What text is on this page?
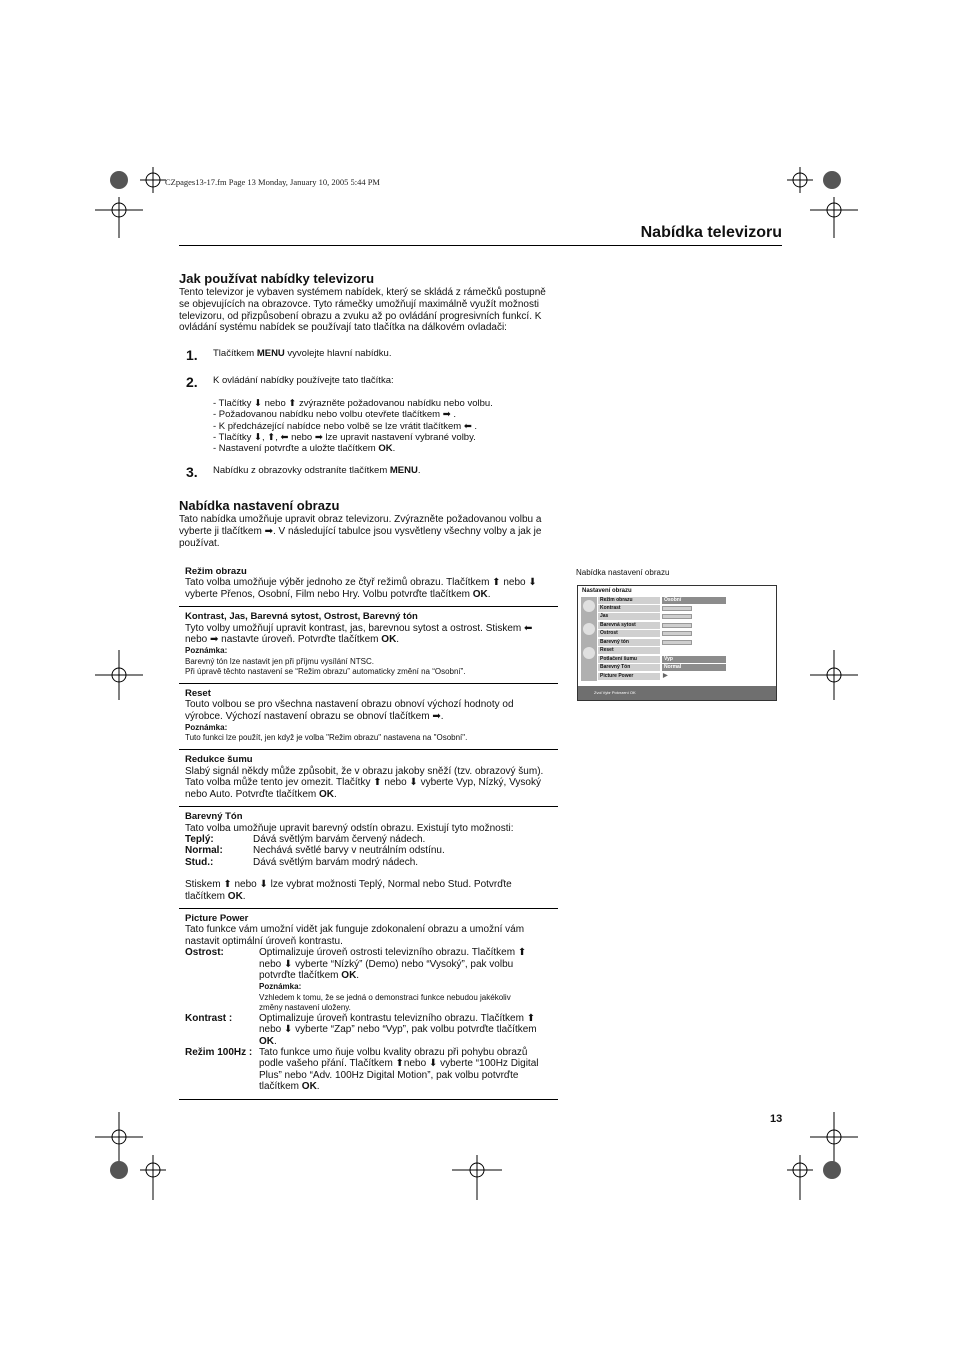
CZpages13-17.fm Page 13 Monday, January 10, 2005 5:44 PM
Nabídka televizoru
Jak používat nabídky televizoru
Tento televizor je vybaven systémem nabídek, který se skládá z rámečků postupně
se objevujících na obrazovce. Tyto rámečky umožňují maximálně využít možnosti
televizoru, od přizpůsobení obrazu a zvuku až po ovládání progresivních funkcí. K
ovládání systému nabídek se používají tato tlačítka na dálkovém ovladači:
1. Tlačítkem MENU vyvolejte hlavní nabídku.
2. K ovládání nabídky používejte tato tlačítka:
- Tlačítky ⬇ nebo ⬆ zvýrazněte požadovanou nabídku nebo volbu.
- Požadovanou nabídku nebo volbu otevřete tlačítkem ➡ .
- K předcházející nabídce nebo volbě se lze vrátit tlačítkem ⬅ .
- Tlačítky ⬇, ⬆, ⬅ nebo ➡ lze upravit nastavení vybrané volby.
- Nastavení potvrďte a uložte tlačítkem OK.
3. Nabídku z obrazovky odstraníte tlačítkem MENU.
Nabídka nastavení obrazu
Tato nabídka umožňuje upravit obraz televizoru. Zvýrazněte požadovanou volbu a
vyberte ji tlačítkem ➡. V následující tabulce jsou vysvětleny všechny volby a jak je
používat.
Režim obrazu
Tato volba umožňuje výběr jednoho ze čtyř režimů obrazu. Tlačítkem ⬆ nebo ⬇
vyberte Přenos, Osobní, Film nebo Hry. Volbu potvrďte tlačítkem OK.
Kontrast, Jas, Barevná sytost, Ostrost, Barevný tón
Tyto volby umožňují upravit kontrast, jas, barevnou sytost a ostrost. Stiskem ⬅
nebo ➡ nastavte úroveň. Potvrďte tlačítkem OK.
Poznámka:
Barevný tón lze nastavit jen při příjmu vysílání NTSC.
Při úpravě těchto nastavení se “Režim obrazu” automaticky změní na “Osobní”.
Reset
Touto volbou se pro všechna nastavení obrazu obnoví výchozí hodnoty od
výrobce. Výchozí nastavení obrazu se obnoví tlačítkem ➡.
Poznámka:
Tuto funkci lze použít, jen když je volba "Režim obrazu" nastavena na "Osobní".
Redukce šumu
Slabý signál někdy může způsobit, že v obrazu jakoby sněží (tzv. obrazový šum).
Tato volba může tento jev omezit. Tlačítky ⬆ nebo ⬇ vyberte Vyp, Nízký, Vysoký
nebo Auto. Potvrďte tlačítkem OK.
Barevný Tón
Tato volba umožňuje upravit barevný odstín obrazu. Existují tyto možnosti:
Teplý:	Dává světlým barvám červený nádech.
Normal:	Nechává světlé barvy v neutrálním odstínu.
Stud.:	Dává světlým barvám modrý nádech.
Stiskem ⬆ nebo ⬇ lze vybrat možnosti Teplý, Normal nebo Stud. Potvrďte
tlačítkem OK.
Picture Power
Tato funkce vám umožní vidět jak funguje zdokonalení obrazu a umožní vám
nastavit optimální úroveň kontrastu.
Ostrost:	Optimalizuje úroveň ostrosti televizního obrazu. Tlačítkem ⬆
nebo ⬇ vyberte “Nízký” (Demo) nebo “Vysoký”, pak volbu
potvrďte tlačítkem OK.
Poznámka:
Vzhledem k tomu, že se jedná o demonstraci funkce nebudou jakékoliv
změny nastavení uloženy.
Kontrast :	Optimalizuje úroveň kontrastu televizního obrazu. Tlačítkem ⬆
nebo ⬇ vyberte “Zap” nebo “Vyp”, pak volbu potvrďte tlačítkem
OK.
Režim 100Hz : Tato funkce umo ňuje volbu kvality obrazu při pohybu obrazů
podle vašeho přání. Tlačítkem ⬆nebo ⬇ vyberte “100Hz Digital
Plus” nebo “Adv. 100Hz Digital Motion”, pak volbu potvrďte
tlačítkem OK.
Nabídka nastavení obrazu
Nastavení obrazu
Režim obrazu	Osobní
Kontrast
Jas
Barevná sytost
Ostrost
Barevný tón
Reset
Potlačení šumu	Vyp
Barevný Tón	Normal
Picture Power	▶
Zvol Vybr Potvrzení OK
13
